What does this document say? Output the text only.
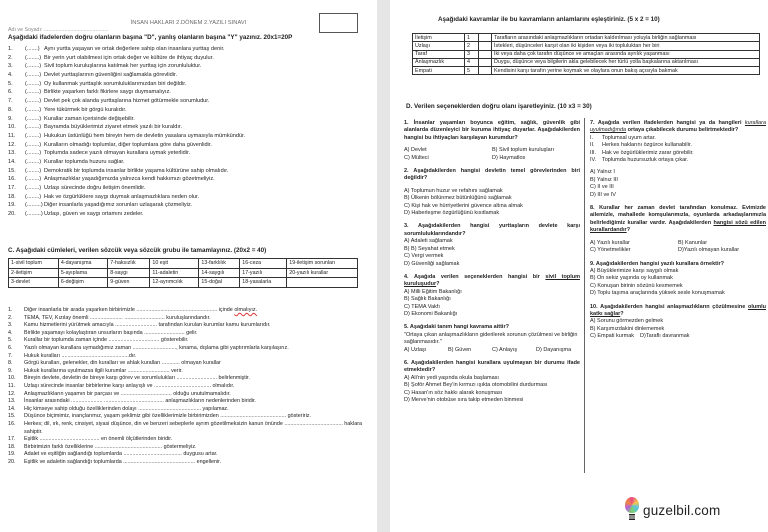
İNSAN HAKLARI 2.DÖNEM 2.YAZILI SINAVI
Adı ve Soyadı: ............................................
Aşağıdaki ifadelerden doğru olanların başına "D", yanlış olanların başına "Y" yazınız. 20x1=20P
1.	(.......) Aynı yurtta yaşayan ve ortak değerlere sahip olan insanlara yurttaş denir.
2.	(........) Bir yerin yurt olabilmesi için ortak değer ve kültüre de ihtiyaç duyulur.
3.	(........) Sivil toplum kuruluşlarına katılmak her yurttaş için zorunluluktur.
4.	(........) Devlet yurttaşlarının güvenliğini sağlamakla görevlidir.
5.	(........) Oy kullanmak yurttaşlık sorumluluklarımızdan biri değildir.
6.	(........) Birlikte yaşarken farklı fikirlere saygı duymamalıyız.
7.	(........) Devlet pek çok alanda yurttaşlarına hizmet götürmekle sorumludur.
8.	(........) Yere tükürmek bir görgü kuralıdır.
9.	(........) Kurallar zaman içerisinde değişebilir.
10.	(........) Bayramda büyüklerimizi ziyaret etmek yazılı bir kuraldır.
11.	(........) Hukukun üstünlüğü hem bireyin hem de devletin yasalara uymasıyla mümkündür.
12.	(........) Kuralların olmadığı toplumlar, diğer toplumlara göre daha güvenlidir.
13.	(........) Toplumda sadece yazılı olmayan kurallara uymak yeterlidir.
14.	(........) Kurallar toplumda huzuru sağlar.
15.	(........) Demokratik bir toplumda insanlar birlikte yaşama kültürüne sahip olmalıdır.
16.	(........) Anlaşmazlıklar yaşadığımızda yalnızca kendi hakkımızı gözetmeliyiz.
17.	(........) Uzlaşı sürecinde doğru iletişim önemlidir.
18.	(........) Hak ve özgürlüklere saygı duymak anlaşmazlıklara neden olur.
19.	(.........) Diğer insanlarla yaşadığımız sorunları uzlaşarak çözmeliyiz.
20.	(.........) Uzlaşı, güven ve saygı ortamını zedeler.
C. Aşağıdaki cümleleri, verilen sözcük veya sözcük grubu ile tamamlayınız. (20x2 = 40)
1-sivil toplum	4-dayanışma	7-haksızlık	10 eşit	13-farklılık	16-ceza	19-iletişim sorunları
2-iletişim	5-ayıplama	8-saygı	11-adaletin	14-saygılı	17-yazılı	20-yazılı kurallar
3-devlet	6-değişim	9-güven	12-ayrımcılık	15-doğal	18-yasalarla	
1.	Diğer insanlarla bir arada yaşarken birbirimizle ...................................................... içinde olmalıyız.
2.	TEMA, TEV, Kızılay önemli ...................... ........................... kuruluşlarındandır.
3.	Kamu hizmetlerini yürütmek amacıyla ............................ tarafından kurulan kurumlar kamu kurumlarıdır.
4.	Birlikte yaşamayı kolaylaştıran unsurların başında ........................... gelir.
5.	Kurallar bir toplumda zaman içinde .................................. gösterebilir.
6.	Yazılı olmayan kurallara uymadığımız zaman ............................., kınama, dışlama gibi yaptırımlarla karşılaşırız.
7.	Hukuk kuralları .............................................dır.
8.	Görgü kuralları, gelenekler, din kuralları ve ahlak kuralları ............ olmayan kurallar
9.	Hukuk kurallarına uyulmazsa ilgili kurumlar ............................ verir.
10.	Bireyin devlete, devletin de bireye karşı görev ve sorumlulukları ........................... belirlenmiştir.
11.	Uzlaşı sürecinde insanlar birbirlerine karşı anlayışlı ve ...................................... olmalıdır.
12.	Anlaşmazlıkların yaşamın bir parçası ve .................................. olduğu unutulmamalıdır.
13.	İnsanlar arasındaki ..................... ........................................ anlaşmazlıkların nedenlerinden biridir.
14.	Hiç kimseye sahip olduğu özelliklerinden dolayı .......................................... yapılamaz.
15.	Düşünce biçimimiz, inançlarımız, yaşam şeklimiz gibi özelliklerimizle birbirimizden ............................................ gösteririz.
16.	Herkes; dil, ırk, renk, cinsiyet, siyasi düşünce, din ve benzeri sebeplerle ayrım gözetilmeksizin kanun önünde ....................................... haklara sahiptir.
17.	Eşitlik ........................................ en önemli ölçütlerinden biridir.
18.	Birbirimizin farklı özelliklerine ............................................. göstermeliyiz.
19.	Adalet ve eşitliğin sağlandığı toplumlarda ....................................... duygusu artar.
20.	Eşitlik ve adaletin sağlandığı toplumlarda ................................................ engellenir.
Aşağıdaki kavramlar ile bu kavramların anlamlarını eşleştiriniz. (5 x 2 = 10)
İletişim	1		Tarafların arasındaki anlaşmazlıkların ortadan kaldırılması yoluyla birliğin sağlanması
Uzlaşı	2		İstekleri, düşünceleri karşıt olan iki kişiden veya iki topluluktan her biri
Taraf	3		İki veya daha çok tarafın düşünce ve amaçları arasında ayrılık yaşanması
Anlaşmazlık	4		Duygu, düşünce veya bilgilerin akla gelebilecek her türlü yolla başkalarına aktarılması
Empati	5		Kendisini karşı tarafın yerine koymak ve olaylara onun bakış açısıyla bakmak
D. Verilen seçeneklerden doğru olanı işaretleyiniz. (10 x3 = 30)
1. İnsanlar yaşamları boyunca eğitim, sağlık, güvenlik gibi alanlarda düzenleyici bir kuruma ihtiyaç duyarlar. Aşağıdakilerden hangisi bu ihtiyaçları karşılayan kurumdur?
A) Devlet	B) Sivil toplum kuruluşları
C) Mülteci	D) Haymatlos
2. Aşağıdakilerden hangisi devletin temel görevlerinden biri değildir?
A) Toplumun huzur ve refahını sağlamak
B) Ülkenin bölünmez bütünlüğünü sağlamak
C) Kişi hak ve hürriyetlerini güvence altına almak
D) Haberleşme özgürlüğünü kısıtlamak
3. Aşağıdakilerden hangisi yurttaşların devlete karşı sorumluluklarındandır?
A) Adaleti sağlamak
B) B) Seyahat etmek
C) Vergi vermek
D) Güvenliği sağlamak
4. Aşağıda verilen seçeneklerden hangisi bir sivil toplum kuruluşudur?
A) Milli Eğitim Bakanlığı
B) Sağlık Bakanlığı
C) TEMA Vakfı
D) Ekonomi Bakanlığı
5. Aşağıdaki tanım hangi kavrama aittir?
"Ortaya çıkan anlaşmazlıkların giderilerek sorunun çözülmesi ve birliğin sağlanmasıdır."
A) Uzlaşı	B) Güven	C) Anlayış	D) Dayanışma
6. Aşağıdakilerden hangisi kurallara uyulmayan bir durumu ifade etmektedir?
A) Ali'nin yedi yaşında okula başlaması
B) Şoför Ahmet Bey'in kırmızı ışıkta otomobilini durdurması
C) Hasan'ın söz hakkı alarak konuşması
D) Merve'nin otobüse sıra takip etmeden binmesi
7. Aşağıda verilen ifadelerden hangisi ya da hangileri kurallara uyulmadığında ortaya çıkabilecek durumu belirtmektedir?
I.	Toplumsal uyum artar.
II.	Herkes haklarını özgürce kullanabilir.
III.	Hak ve özgürlüklerimiz zarar görebilir.
IV.	Toplumda huzursuzluk ortaya çıkar.
A) Yalnız I
B) Yalnız III
C) II ve III
D) III ve IV
8. Kurallar her zaman devlet tarafından konulmaz. Evimizde ailemizle, mahallede komşularımızla, oyunlarda arkadaşlarımızla belirlediğimiz kurallar vardır. Aşağıdakilerden hangisi sözü edilen kurallardandır?
A) Yazılı kurallar	B) Kanunlar
C) Yönetmelikler	D)Yazılı olmayan kurallar
9. Aşağıdakilerden hangisi yazılı kurallara örnektir?
A) Büyüklerimize karşı saygılı olmak
B) On sekiz yaşında oy kullanmak
C) Konuşan birinin sözünü kesmemek
D) Toplu taşıma araçlarında yüksek sesle konuşmamak
10. Aşağıdakilerden hangisi anlaşmazlıkların çözülmesine olumlu katkı sağlar?
A) Sorunu görmezden gelmek
B) Karşımızdakini dinlememek
C) Empati kurmak D)Taraflı davranmak
guzelbil.com
